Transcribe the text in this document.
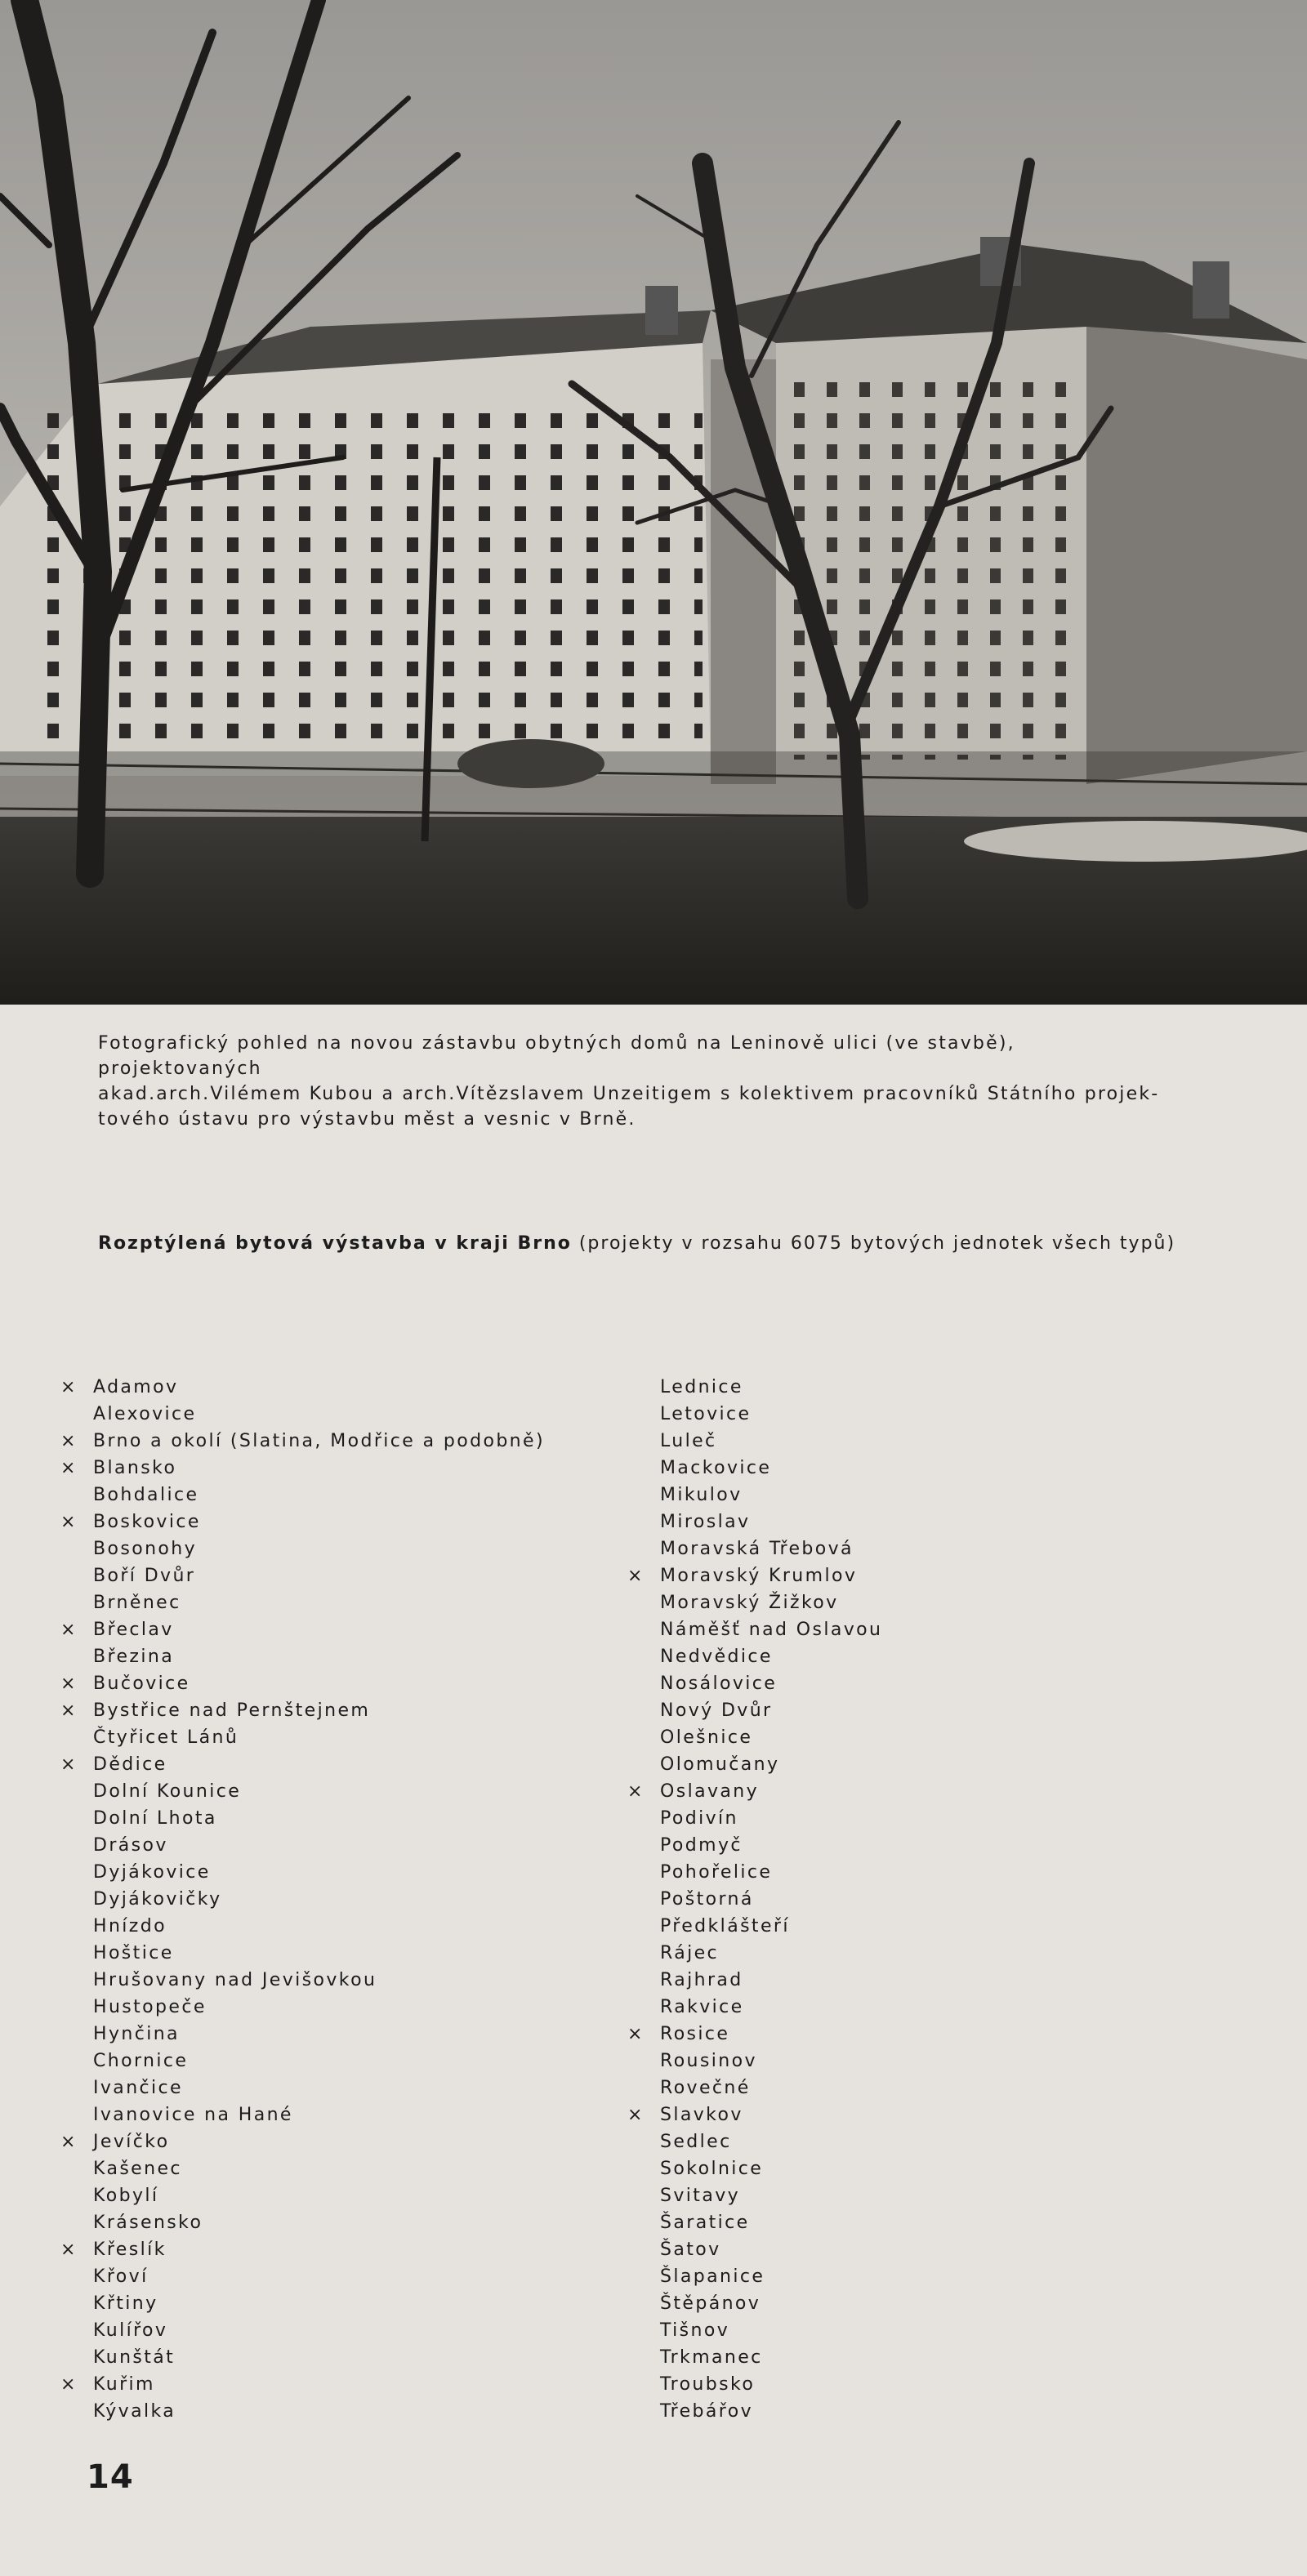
Fotografický pohled na novou zástavbu obytných domů na Leninově ulici (ve stavbě), projektovaných
akad.arch.Vilémem Kubou a arch.Vítězslavem Unzeitigem s kolektivem pracovníků Státního projek-
tového ústavu pro výstavbu měst a vesnic v Brně.

Rozptýlená bytová výstavba v kraji Brno (projekty v rozsahu 6075 bytových jednotek všech typů)

× Adamov
Alexovice
× Brno a okolí (Slatina, Modřice a podobně)
× Blansko
Bohdalice
× Boskovice
Bosonohy
Boří Dvůr
Brněnec
× Břeclav
Březina
× Bučovice
× Bystřice nad Pernštejnem
Čtyřicet Lánů
× Dědice
Dolní Kounice
Dolní Lhota
Drásov
Dyjákovice
Dyjákovičky
Hnízdo
Hoštice
Hrušovany nad Jevišovkou
Hustopeče
Hynčina
Chornice
Ivančice
Ivanovice na Hané
× Jevíčko
Kašenec
Kobylí
Krásensko
× Křeslík
Křoví
Křtiny
Kulířov
Kunštát
× Kuřim
Kývalka
Lednice
Letovice
Luleč
Mackovice
Mikulov
Miroslav
Moravská Třebová
× Moravský Krumlov
Moravský Žižkov
Náměšť nad Oslavou
Nedvědice
Nosálovice
Nový Dvůr
Olešnice
Olomučany
× Oslavany
Podivín
Podmyč
Pohořelice
Poštorná
Předklášteří
Rájec
Rajhrad
Rakvice
× Rosice
Rousinov
Rovečné
× Slavkov
Sedlec
Sokolnice
Svitavy
Šaratice
Šatov
Šlapanice
Štěpánov
Tišnov
Trkmanec
Troubsko
Třebářov

14
